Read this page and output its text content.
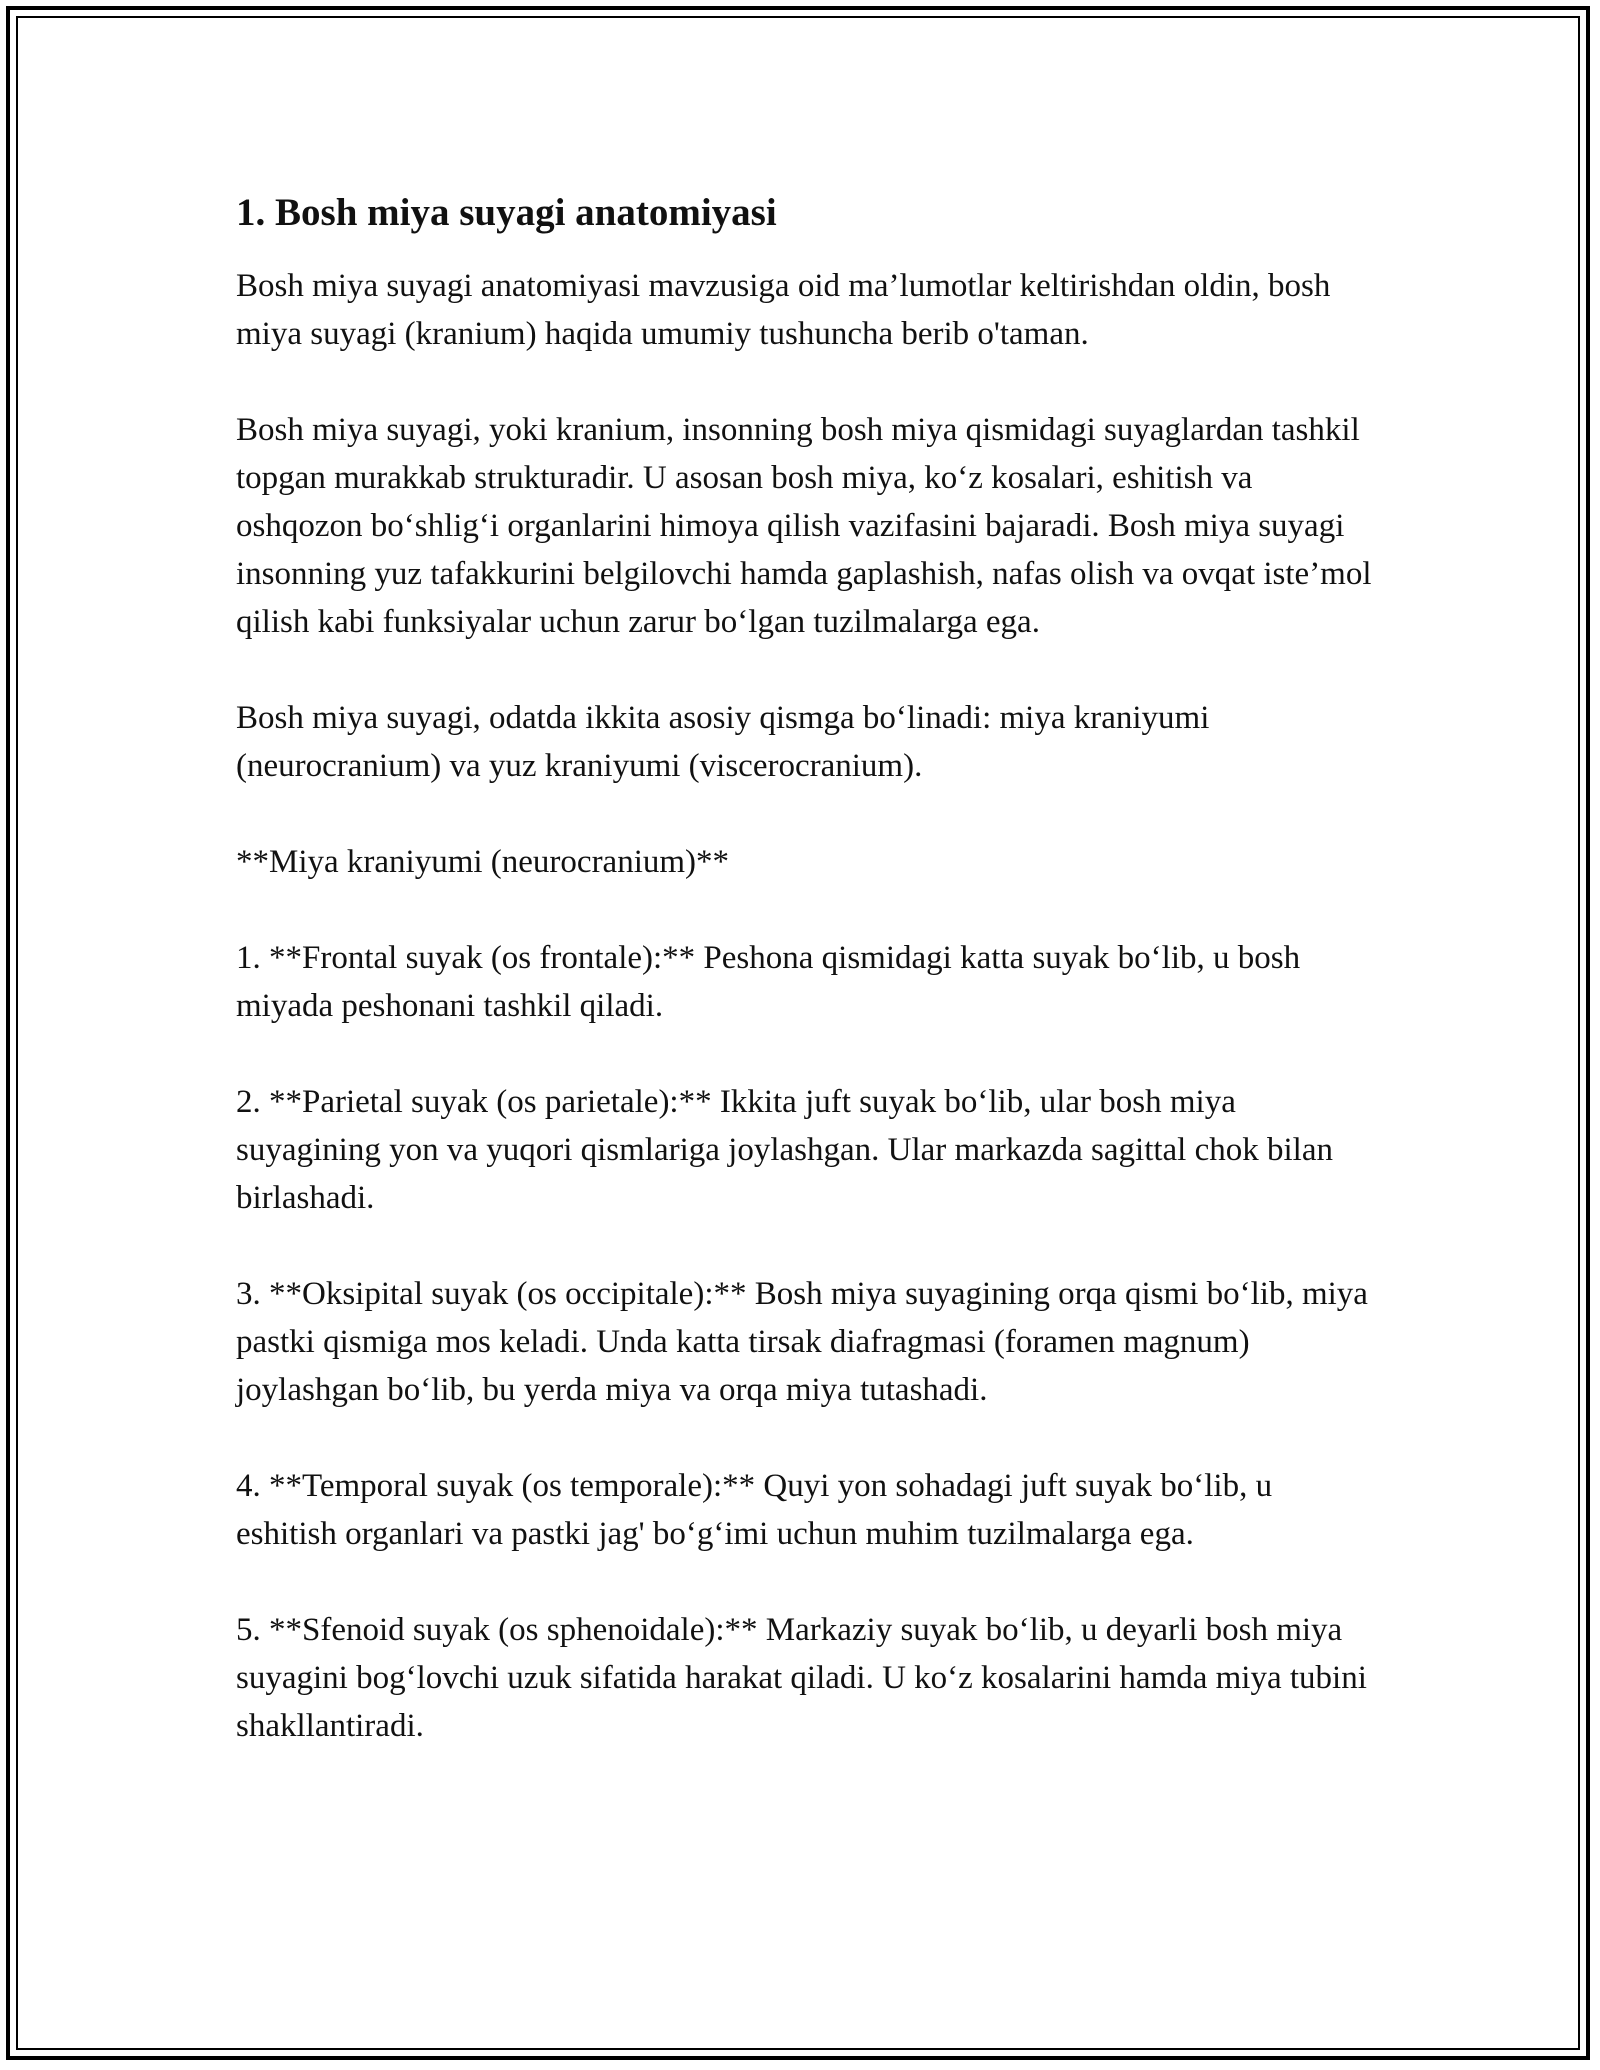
1. Bosh miya suyagi anatomiyasi

Bosh miya suyagi anatomiyasi mavzusiga oid ma’lumotlar keltirishdan oldin, bosh miya suyagi (kranium) haqida umumiy tushuncha berib o'taman.

Bosh miya suyagi, yoki kranium, insonning bosh miya qismidagi suyaglardan tashkil topgan murakkab strukturadir. U asosan bosh miya, ko‘z kosalari, eshitish va oshqozon bo‘shlig‘i organlarini himoya qilish vazifasini bajaradi. Bosh miya suyagi insonning yuz tafakkurini belgilovchi hamda gaplashish, nafas olish va ovqat iste’mol qilish kabi funksiyalar uchun zarur bo‘lgan tuzilmalarga ega.

Bosh miya suyagi, odatda ikkita asosiy qismga bo‘linadi: miya kraniyumi (neurocranium) va yuz kraniyumi (viscerocranium).

**Miya kraniyumi (neurocranium)**

1. **Frontal suyak (os frontale):** Peshona qismidagi katta suyak bo‘lib, u bosh miyada peshonani tashkil qiladi.

2. **Parietal suyak (os parietale):** Ikkita juft suyak bo‘lib, ular bosh miya suyagining yon va yuqori qismlariga joylashgan. Ular markazda sagittal chok bilan birlashadi.

3. **Oksipital suyak (os occipitale):** Bosh miya suyagining orqa qismi bo‘lib, miya pastki qismiga mos keladi. Unda katta tirsak diafragmasi (foramen magnum) joylashgan bo‘lib, bu yerda miya va orqa miya tutashadi.

4. **Temporal suyak (os temporale):** Quyi yon sohadagi juft suyak bo‘lib, u eshitish organlari va pastki jag' bo‘g‘imi uchun muhim tuzilmalarga ega.

5. **Sfenoid suyak (os sphenoidale):** Markaziy suyak bo‘lib, u deyarli bosh miya suyagini bog‘lovchi uzuk sifatida harakat qiladi. U ko‘z kosalarini hamda miya tubini shakllantiradi.
